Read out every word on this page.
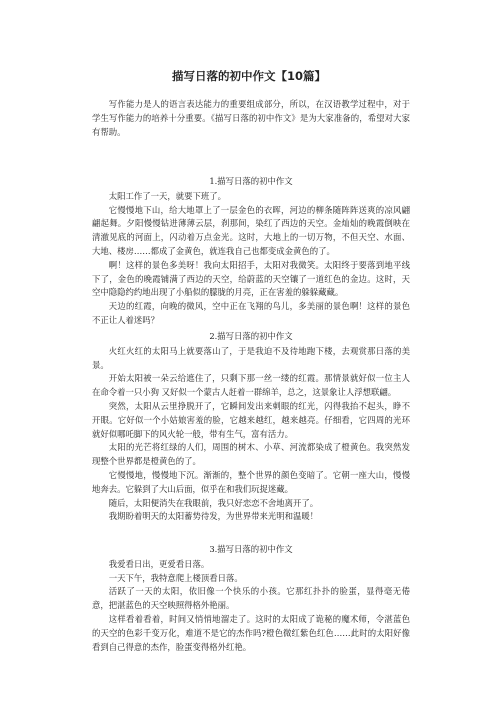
描写日落的初中作文【10篇】

写作能力是人的语言表达能力的重要组成部分，所以，在汉语教学过程中，对于学生写作能力的培养十分重要。《描写日落的初中作文》是为大家准备的，希望对大家有帮助。

1.描写日落的初中作文

太阳工作了一天，就要下班了。

它慢慢地下山，给大地罩上了一层金色的衣晖，河边的柳条随阵阵送爽的凉风翩翩起舞。夕阳慢慢钻进薄薄云层，刹那间，染红了西边的天空。金灿灿的晚霞倒映在清澈见底的河面上，闪动着万点金光。这时，大地上的一切万物，不但天空、水面、大地、楼房……都成了金黄色，就连我自己也都变成金黄色的了。

啊！这样的景色多美呀！我向太阳招手，太阳对我微笑。太阳终于要落到地平线下了，金色的晚霞铺满了西边的天空，给蔚蓝的天空镶了一道红色的金边。这时，天空中隐隐约约地出现了小船似的朦胧的月亮，正在害羞的躲躲藏藏。

天边的红霞，向晚的微风，空中正在飞翔的鸟儿，多美丽的景色啊！这样的景色不正让人着迷吗？

2.描写日落的初中作文

火红火红的太阳马上就要落山了，于是我迫不及待地跑下楼，去观赏那日落的美景。

开始太阳被一朵云给遮住了，只剩下那一丝一缕的红霞。那情景就好似一位主人在命令着一只小狗 又好似一个蒙古人赶着一群绵羊，总之，这景象让人浮想联翩。

突然，太阳从云里挣脱开了，它瞬间发出来刺眼的红光，闪得我抬不起头，睁不开眼。它好似一个小姑娘害羞的脸，它越来越红，越来越亮。仔细看，它四周的光环就好似哪吒脚下的风火轮一般，带有生气，富有活力。

太阳的光芒将红绿的人们，周围的树木、小草、河流都染成了橙黄色。我突然发现整个世界都是橙黄色的了。

它慢慢地，慢慢地下沉。渐渐的，整个世界的颜色变暗了。它朝一座大山，慢慢地奔去。它躲到了大山后面，似乎在和我们玩捉迷藏。

随后，太阳便消失在我眼前，我只好恋恋不舍地离开了。

我期盼着明天的太阳蓄势待发，为世界带来光明和温暖！

3.描写日落的初中作文

我爱看日出，更爱看日落。

一天下午，我特意爬上楼顶看日落。

活跃了一天的太阳，依旧像一个快乐的小孩。它那红扑扑的脸蛋，显得毫无倦意，把湛蓝色的天空映照得格外艳丽。

这样看着看着，时间又悄悄地溜走了。这时的太阳成了诡秘的魔术师，令湛蓝色的天空的色彩千变万化，难道不是它的杰作吗?橙色微红紫色红色……此时的太阳好像看到自己得意的杰作，脸蛋变得格外红艳。
